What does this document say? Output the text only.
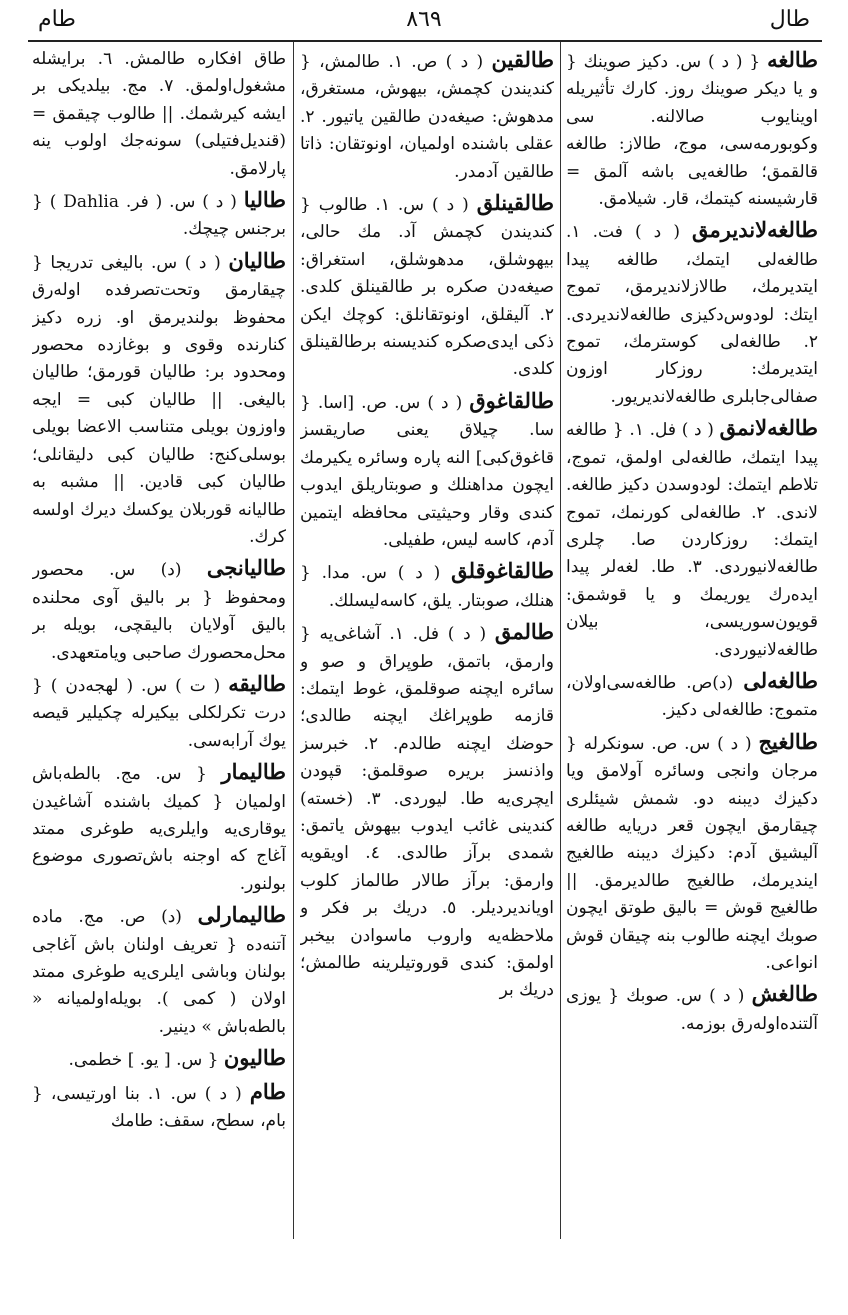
طام	٨٦٩	طال
طالغه { ( د ) س. دکیز صوینك { و یا دیکر صوینك روز. کارك تأثیریله اوینایوب صالالنه. سی وکوبورمه‌سی، موج، طالاز: طالغه قالقمق؛ طالغه‌یی باشه آلمق = قارشیسنه کیتمك، قار. شیلامق.
طالغه‌لاندیرمق ( د ) فت. ۱. طالغه‌لی ایتمك، طالغه پیدا ایتدیرمك، طالازلاندیرمق، تموج ایتك: لودوس‌دکیزی طالغه‌لاندیردی. ۲. طالغه‌لی کوسترمك، تموج ایتدیرمك: روزکار اوزون صفالی‌جابلری طالغه‌لاندیریور.
طالغه‌لانمق ( د ) فل. ۱. { طالغه پیدا ایتمك، طالغه‌لی اولمق، تموج، تلاطم ایتمك: لودوسدن دکیز طالغه. لاندی. ۲. طالغه‌لی کورنمك، تموج ایتمك: روزکاردن صا. چلری طالغه‌لانیوردی. ۳. طا. لغه‌لر پیدا ایده‌رك یوریمك و یا قوشمق: قویون‌سوریسی، بیلان طالغه‌لانیوردی.
طالغه‌لی (د)ص. طالغه‌سی‌اولان، متموج: طالغه‌لی دکیز.
طالغیج ( د ) س. ص. سونکرله { مرجان وانجی وسائره آولامق ویا دکیزك دیبنه دو. شمش شیئلری چیقارمق ایچون قعر دریایه طالغه آلیشیق آدم: دکیزك دیبنه طالغیج ایندیرمك، طالغیج طالدیرمق. || طالغیج قوش = بالیق طوتق ایچون صوبك ایچنه طالوب بنه چیقان قوش انواعی.
طالغش ( د ) س. صوبك { یوزی آلتنده‌اوله‌رق بوزمه.
طالقین ( د ) ص. ۱. طالمش، { کندیندن کچمش، بیهوش، مستغرق، مدهوش: صیغه‌دن طالقین یاتیور. ۲. عقلی باشنده اولمیان، اونوتقان: ذاتا طالقین آدمدر.
طالقینلق ( د ) س. ۱. طالوب { کندیندن کچمش آد. مك حالی، بیهوشلق، مدهوشلق، استغراق: صیغه‌دن صکره بر طالقینلق کلدی. ۲. آلیقلق، اونوتقانلق: کوچك ایکن ذکی ایدی‌صکره کندیسنه برطالقینلق کلدی.
طالقاغوق ( د ) س. ص. [اسا. { سا. چیلاق یعنی صاریقسز قاغوق‌کبی] النه پاره وسائره یکیرمك ایچون مداهنلك و صوبتاریلق ایدوب کندی وقار وحیثیتی محافظه ایتمین آدم، کاسه لیس، طفیلی.
طالقاغوقلق ( د ) س. مدا. { هنلك، صوبتار. یلق، کاسه‌لیسلك.
طالمق ( د ) فل. ۱. آشاغی‌یه { وارمق، باتمق، طوپراق و صو و سائره ایچنه صوقلمق، غوط ایتمك: قازمه طوپراغك ایچنه طالدی؛ حوضك ایچنه طالدم. ۲. خبرسز واذنسز بریره صوقلمق: قپودن ایچری‌یه طا. لیوردی. ۳. (خسته) کندینی غائب ایدوب بیهوش یاتمق: شمدی برآز طالدی. ٤. اویقویه وارمق: برآز طالار طالماز کلوب اویاندیردیلر. ٥. دریك بر فکر و ملاحظه‌یه واروب ماسوادن بیخبر اولمق: کندی قوروتیلرینه طالمش؛ دریك بر
طاق افکاره طالمش. ٦. برایشله مشغول‌اولمق. ۷. مج. بیلدیکی بر ایشه کیرشمك. || طالوب چیقمق = (قندیل‌فتیلی) سونه‌جك اولوب ینه پارلامق.
طالیا ( د ) س. ( فر. Dahlia ) { برجنس چیچك.
طالیان ( د ) س. بالیغی تدریجا { چیقارمق وتحت‌تصرفده اوله‌رق محفوظ بولندیرمق او. زره دکیز کنارنده وقوی و بوغازده محصور ومحدود بر: طالیان قورمق؛ طالیان بالیغی. || طالیان کبی = ایجه واوزون بویلی متناسب الاعضا بویلی بوسلی‌کنج: طالیان کبی دلیقانلی؛ طالیان کبی قادین. || مشبه به طالیانه قوربلان یوکسك دیرك اولسه کرك.
طالیانجی (د) س. محصور ومحفوظ { بر بالیق آوی محلنده بالیق آولایان بالیقچی، بویله بر محل‌محصورك صاحبی ویامتعهدی.
طالیقه ( ت ) س. ( لهجه‌دن ) { درت تکرلکلی بیکیرله چکیلیر قیصه یوك آرابه‌سی.
طالیمار { س. مج. بالطه‌باش اولمیان { کمیك باشنده آشاغیدن یوقاری‌یه وایلری‌یه طوغری ممتد آغاج که اوجنه باش‌تصوری موضوع بولنور.
طالیمارلی (د) ص. مج. ماده آتنه‌ده { تعریف اولنان باش آغاجی بولنان وباشی ایلری‌یه طوغری ممتد اولان ( کمی ). بویله‌اولمیانه « بالطه‌باش » دینیر.
طالیون { س. [ یو. ] خطمی.
طام ( د ) س. ۱. بنا اورتیسی، { بام، سطح، سقف: طامك
